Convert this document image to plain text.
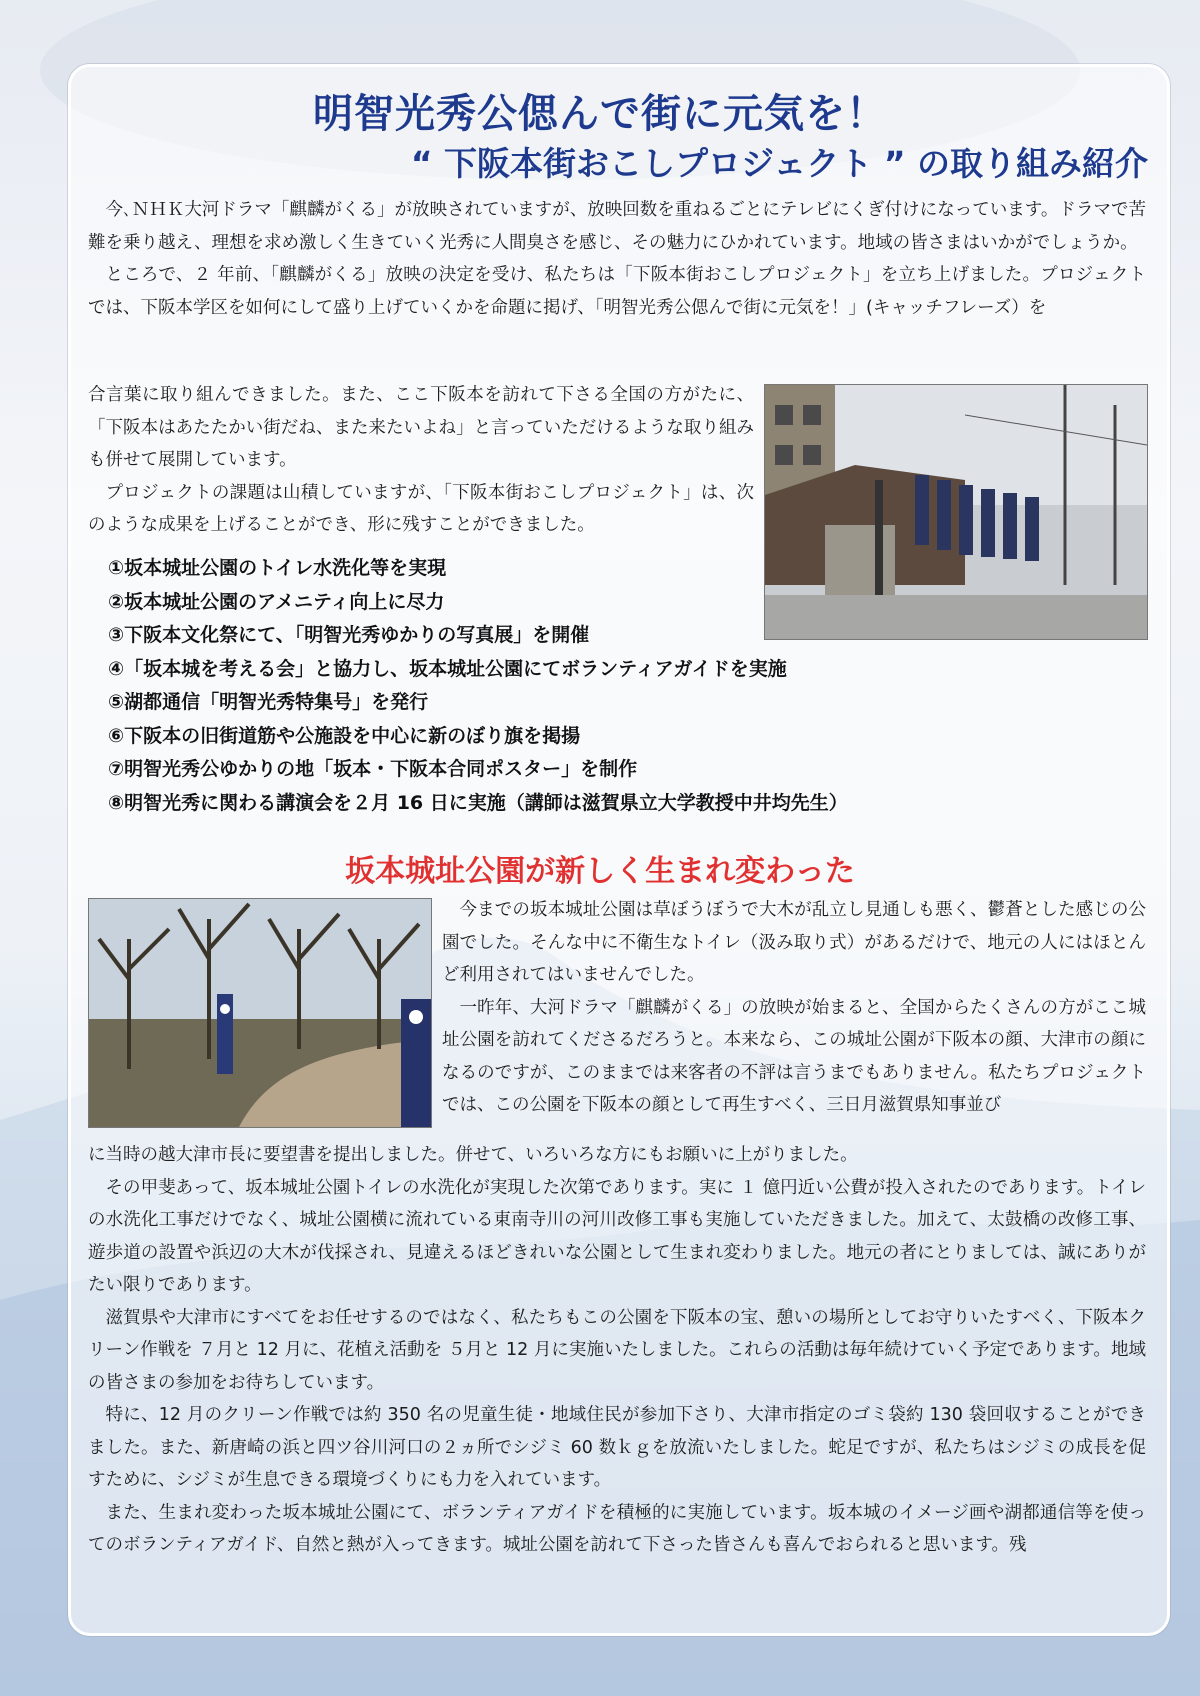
明智光秀公偲んで街に元気を！
“ 下阪本街おこしプロジェクト ” の取り組み紹介

今､ＮＨＫ大河ドラマ「麒麟がくる」が放映されていますが、放映回数を重ねるごとにテレビにくぎ付けになっています。ドラマで苦難を乗り越え、理想を求め激しく生きていく光秀に人間臭さを感じ、その魅力にひかれています。地域の皆さまはいかがでしょうか。

ところで、２ 年前、「麒麟がくる」放映の決定を受け、私たちは「下阪本街おこしプロジェクト」を立ち上げました。プロジェクトでは、下阪本学区を如何にして盛り上げていくかを命題に掲げ、「明智光秀公偲んで街に元気を！」(キャッチフレーズ）を

合言葉に取り組んできました。また、ここ下阪本を訪れて下さる全国の方がたに、「下阪本はあたたかい街だね、また来たいよね」と言っていただけるような取り組みも併せて展開しています。

プロジェクトの課題は山積していますが、「下阪本街おこしプロジェクト」は、次のような成果を上げることができ、形に残すことができました。

①坂本城址公園のトイレ水洗化等を実現
②坂本城址公園のアメニティ向上に尽力
③下阪本文化祭にて、「明智光秀ゆかりの写真展」を開催
④「坂本城を考える会」と協力し、坂本城址公園にてボランティアガイドを実施
⑤湖都通信「明智光秀特集号」を発行
⑥下阪本の旧街道筋や公施設を中心に新のぼり旗を掲揚
⑦明智光秀公ゆかりの地「坂本・下阪本合同ポスター」を制作
⑧明智光秀に関わる講演会を２月 16 日に実施（講師は滋賀県立大学教授中井均先生）
坂本城址公園が新しく生まれ変わった

今までの坂本城址公園は草ぼうぼうで大木が乱立し見通しも悪く、鬱蒼とした感じの公園でした。そんな中に不衛生なトイレ（汲み取り式）があるだけで、地元の人にはほとんど利用されてはいませんでした。

一昨年、大河ドラマ「麒麟がくる」の放映が始まると、全国からたくさんの方がここ城址公園を訪れてくださるだろうと。本来なら、この城址公園が下阪本の顔、大津市の顔になるのですが、このままでは来客者の不評は言うまでもありません。私たちプロジェクトでは、この公園を下阪本の顔として再生すべく、三日月滋賀県知事並び

に当時の越大津市長に要望書を提出しました。併せて、いろいろな方にもお願いに上がりました。

その甲斐あって、坂本城址公園トイレの水洗化が実現した次第であります。実に １ 億円近い公費が投入されたのであります。トイレの水洗化工事だけでなく、城址公園横に流れている東南寺川の河川改修工事も実施していただきました。加えて、太鼓橋の改修工事、遊歩道の設置や浜辺の大木が伐採され、見違えるほどきれいな公園として生まれ変わりました。地元の者にとりましては、誠にありがたい限りであります。

滋賀県や大津市にすべてをお任せするのではなく、私たちもこの公園を下阪本の宝、憩いの場所としてお守りいたすべく、下阪本クリーン作戦を ７月と 12 月に、花植え活動を ５月と 12 月に実施いたしました。これらの活動は毎年続けていく予定であります。地域の皆さまの参加をお待ちしています。

特に、12 月のクリーン作戦では約 350 名の児童生徒・地域住民が参加下さり、大津市指定のゴミ袋約 130 袋回収することができました。また、新唐崎の浜と四ツ谷川河口の２ヵ所でシジミ 60 数ｋｇを放流いたしました。蛇足ですが、私たちはシジミの成長を促すために、シジミが生息できる環境づくりにも力を入れています。

また、生まれ変わった坂本城址公園にて、ボランティアガイドを積極的に実施しています。坂本城のイメージ画や湖都通信等を使ってのボランティアガイド、自然と熱が入ってきます。城址公園を訪れて下さった皆さんも喜んでおられると思います。残
